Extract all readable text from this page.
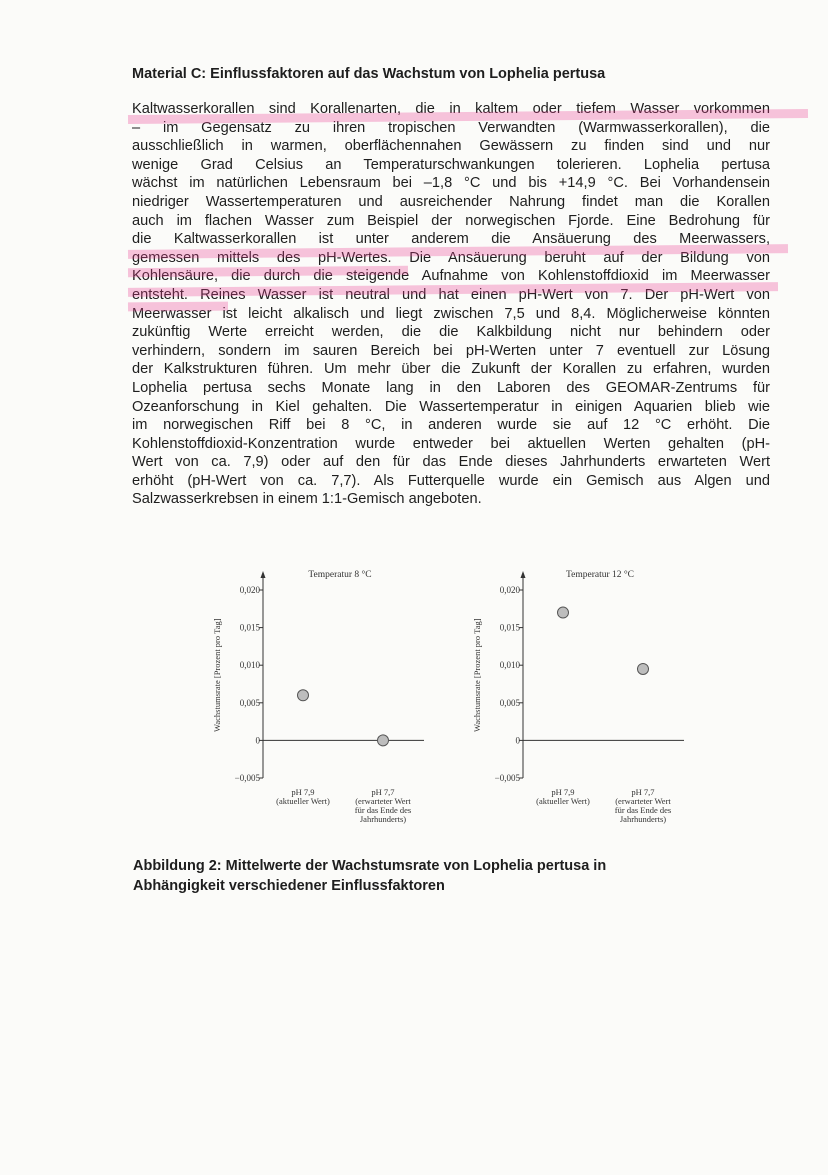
Material C: Einflussfaktoren auf das Wachstum von Lophelia pertusa
Kaltwasserkorallen sind Korallenarten, die in kaltem oder tiefem Wasser vorkommen
– im Gegensatz zu ihren tropischen Verwandten (Warmwasserkorallen), die
ausschließlich in warmen, oberflächennahen Gewässern zu finden sind und nur
wenige Grad Celsius an Temperaturschwankungen tolerieren. Lophelia pertusa
wächst im natürlichen Lebensraum bei –1,8 °C und bis +14,9 °C. Bei Vorhandensein
niedriger Wassertemperaturen und ausreichender Nahrung findet man die Korallen
auch im flachen Wasser zum Beispiel der norwegischen Fjorde. Eine Bedrohung für
die Kaltwasserkorallen ist unter anderem die Ansäuerung des Meerwassers,
gemessen mittels des pH-Wertes. Die Ansäuerung beruht auf der Bildung von
Kohlensäure, die durch die steigende Aufnahme von Kohlenstoffdioxid im Meerwasser
entsteht. Reines Wasser ist neutral und hat einen pH-Wert von 7. Der pH-Wert von
Meerwasser ist leicht alkalisch und liegt zwischen 7,5 und 8,4. Möglicherweise könnten
zukünftig Werte erreicht werden, die die Kalkbildung nicht nur behindern oder
verhindern, sondern im sauren Bereich bei pH-Werten unter 7 eventuell zur Lösung
der Kalkstrukturen führen. Um mehr über die Zukunft der Korallen zu erfahren, wurden
Lophelia pertusa sechs Monate lang in den Laboren des GEOMAR-Zentrums für
Ozeanforschung in Kiel gehalten. Die Wassertemperatur in einigen Aquarien blieb wie
im norwegischen Riff bei 8 °C, in anderen wurde sie auf 12 °C erhöht. Die
Kohlenstoffdioxid-Konzentration wurde entweder bei aktuellen Werten gehalten (pH-
Wert von ca. 7,9) oder auf den für das Ende dieses Jahrhunderts erwarteten Wert
erhöht (pH-Wert von ca. 7,7). Als Futterquelle wurde ein Gemisch aus Algen und
Salzwasserkrebsen in einem 1:1-Gemisch angeboten.
Temperatur 8 °C
−0,005
0
0,005
0,010
0,015
0,020
Wachstumsrate [Prozent pro Tag]
pH 7,9
(aktueller Wert)
pH 7,7
(erwarteter Wert
für das Ende des
Jahrhunderts)
Temperatur 12 °C
−0,005
0
0,005
0,010
0,015
0,020
Wachstumsrate [Prozent pro Tag]
pH 7,9
(aktueller Wert)
pH 7,7
(erwarteter Wert
für das Ende des
Jahrhunderts)
Abbildung 2: Mittelwerte der Wachstumsrate von Lophelia pertusa in
Abhängigkeit verschiedener Einflussfaktoren
